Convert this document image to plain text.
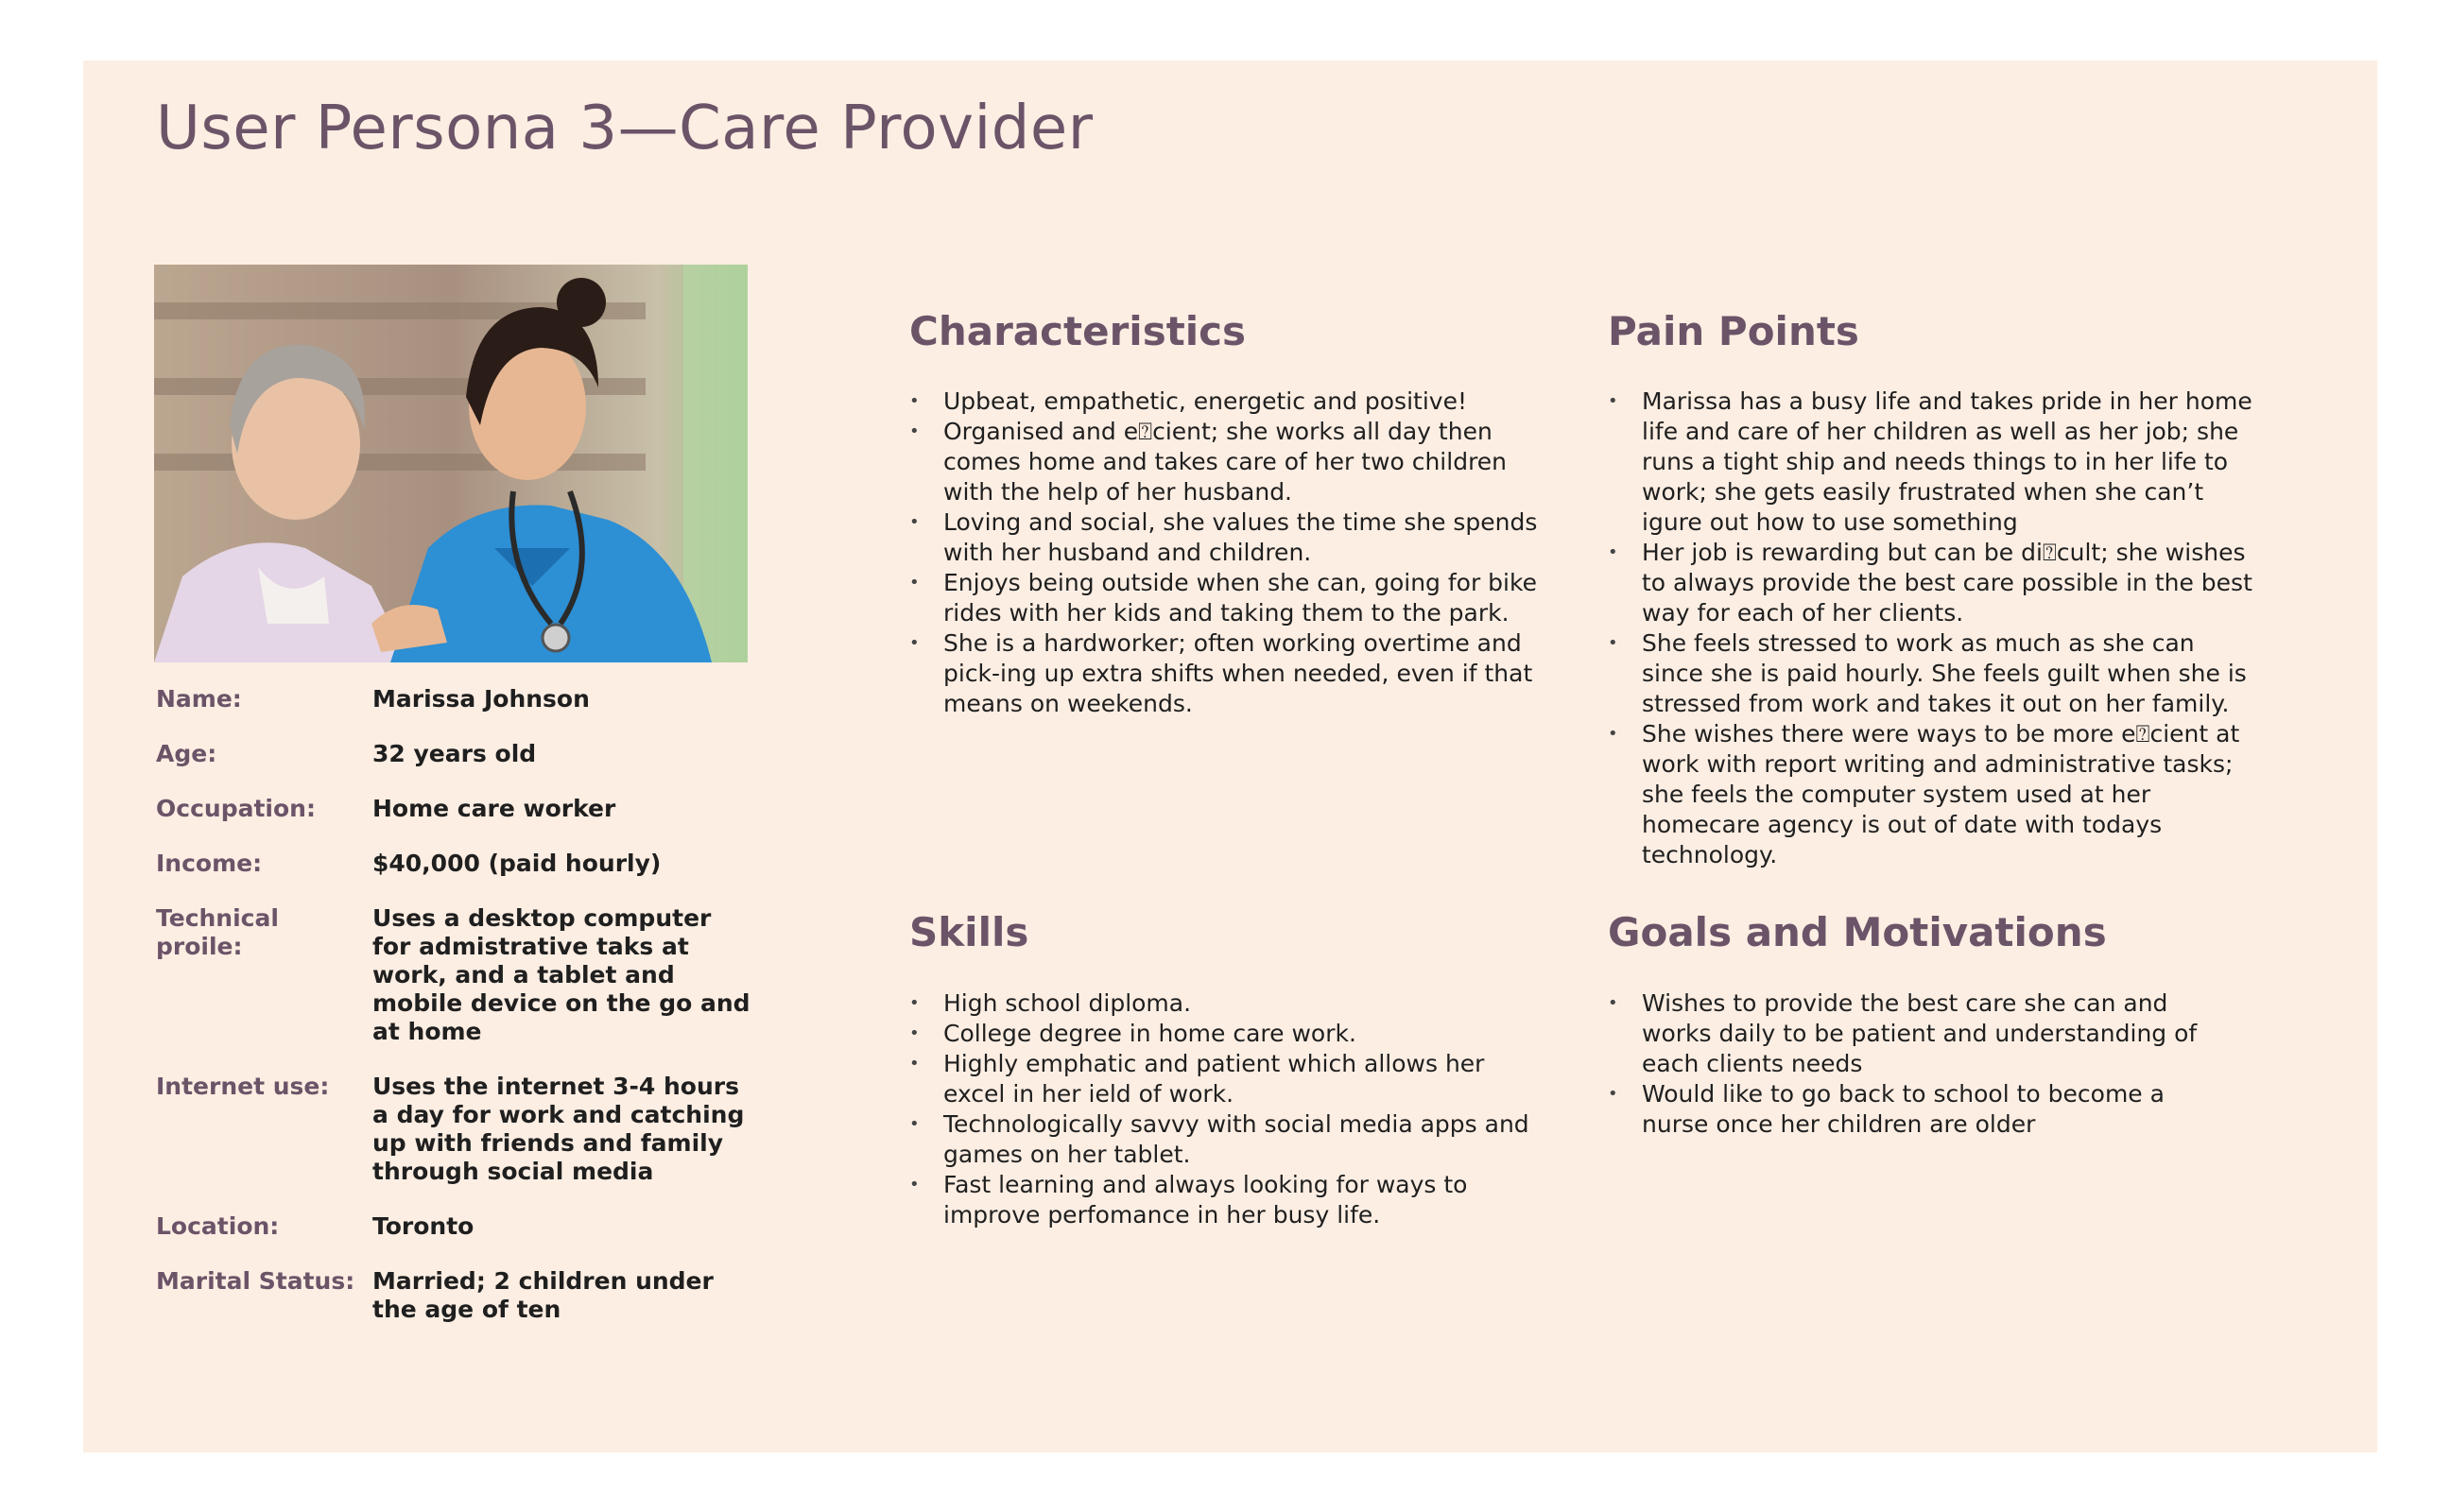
User Persona 3—Care Provider
Name:	Marissa Johnson
Age:	32 years old
Occupation:	Home care worker
Income:	$40,000 (paid hourly)
Technical proile:
Uses a desktop computer for admistrative taks at work, and a tablet and mobile device on the go and at home
Internet use:	Uses the internet 3-4 hours a day for work and catching up with friends and family through social media
Location:	Toronto
Marital Status: Married; 2 children under the age of ten
Characteristics
• Upbeat, empathetic, energetic and positive!
• Organised and e⍰cient; she works all day then comes home and takes care of her two children with the help of her husband.
• Loving and social, she values the time she spends with her husband and children.
• Enjoys being outside when she can, going for bike rides with her kids and taking them to the park.
• She is a hardworker; often working overtime and pick-ing up extra shifts when needed, even if that means on weekends.
Pain Points
• Marissa has a busy life and takes pride in her home life and care of her children as well as her job; she runs a tight ship and needs things to in her life to work; she gets easily frustrated when she can’t igure out how to use something
• Her job is rewarding but can be di⍰cult; she wishes to always provide the best care possible in the best way for each of her clients.
• She feels stressed to work as much as she can since she is paid hourly. She feels guilt when she is stressed from work and takes it out on her family.
• She wishes there were ways to be more e⍰cient at work with report writing and administrative tasks; she feels the computer system used at her homecare agency is out of date with todays technology.
Skills
• High school diploma.
• College degree in home care work.
• Highly emphatic and patient which allows her excel in her ield of work.
• Technologically savvy with social media apps and games on her tablet.
• Fast learning and always looking for ways to improve perfomance in her busy life.
Goals and Motivations
• Wishes to provide the best care she can and works daily to be patient and understanding of each clients needs
• Would like to go back to school to become a nurse once her children are older
